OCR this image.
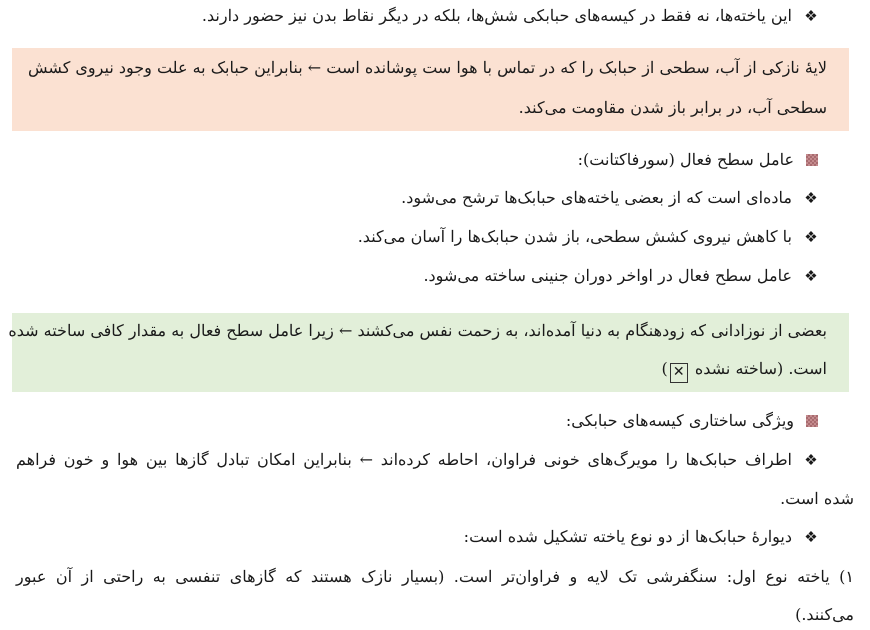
❖این یاخته‌ها، نه فقط در کیسه‌های حبابکی شش‌ها، بلکه در دیگر نقاط بدن نیز حضور دارند.
لایهٔ نازکی از آب، سطحی از حبابک را که در تماس با هوا ست پوشانده است ← بنابراین حبابک به علت وجود نیروی کشش
سطحی آب، در برابر باز شدن مقاومت می‌کند.
عامل سطح فعال (سورفاکتانت):
❖ماده‌ای است که از بعضی یاخته‌های حبابک‌ها ترشح می‌شود.
❖با کاهش نیروی کشش سطحی، باز شدن حبابک‌ها را آسان می‌کند.
❖عامل سطح فعال در اواخر دوران جنینی ساخته می‌شود.
بعضی از نوزادانی که زودهنگام به دنیا آمده‌اند، به زحمت نفس می‌کشند ← زیرا عامل سطح فعال به مقدار کافی ساخته شده
است. (ساخته نشده ✕)
ویژگی ساختاری کیسه‌های حبابکی:
❖
اطراف حبابک‌ها را مویرگ‌های خونی فراوان، احاطه کرده‌اند ← بنابراین امکان تبادل گازها بین هوا و خون فراهم
شده است.
❖دیوارهٔ حبابک‌ها از دو نوع یاخته تشکیل شده است:
۱) یاخته نوع اول: سنگفرشی تک لایه و فراوان‌تر است. (بسیار نازک هستند که گازهای تنفسی به راحتی از آن عبور
می‌کنند.)
